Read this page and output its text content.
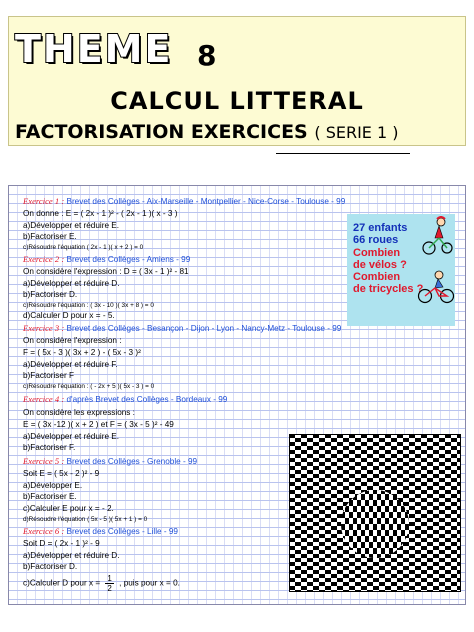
THEME 8
CALCUL LITTERAL
FACTORISATION EXERCICES ( SERIE 1 )
Exercice 1 : Brevet des Collèges - Aix-Marseille - Montpellier - Nice-Corse - Toulouse - 99
On donne : E = ( 2x - 1 )² - ( 2x - 1 )( x - 3 )
a)Développer et réduire E.
b)Factoriser E.
c)Résoudre l'équation ( 2x - 1 )( x + 2 ) = 0
Exercice 2 : Brevet des Collèges - Amiens - 99
On considère l'expression : D = ( 3x - 1 )² - 81
a)Développer et réduire D.
b)Factoriser D.
c)Résoudre l'équation : ( 3x - 10 )( 3x + 8 ) = 0
d)Calculer D pour x = - 5.
Exercice 3 : Brevet des Collèges - Besançon - Dijon - Lyon - Nancy-Metz - Toulouse - 99
On considère l'expression :
F = ( 5x - 3 )( 3x + 2 ) - ( 5x - 3 )²
a)Développer et réduire F.
b)Factoriser F
c)Résoudre l'équation : ( - 2x + 5 )( 5x - 3 ) = 0
Exercice 4 : d'après Brevet des Collèges - Bordeaux - 99
On considère les expressions :
E = ( 3x -12 )( x + 2 ) et F = ( 3x - 5 )² - 49
a)Développer et réduire E.
b)Factoriser F.
Exercice 5 : Brevet des Collèges - Grenoble - 99
Soit E = ( 5x - 2 )² - 9
a)Développer E.
b)Factoriser E.
c)Calculer E pour x = - 2.
d)Résoudre l'équation ( 5x - 5 )( 5x + 1 ) = 0
Exercice 6 : Brevet des Collèges - Lille - 99
Soit D = ( 2x - 1 )² - 9
a)Développer et réduire D.
b)Factoriser D.
c)Calculer D pour $x = \frac{1}{2}$ , puis pour x = 0.
27 enfants
66 roues
Combien
de vélos ?
Combien
de tricycles ?
